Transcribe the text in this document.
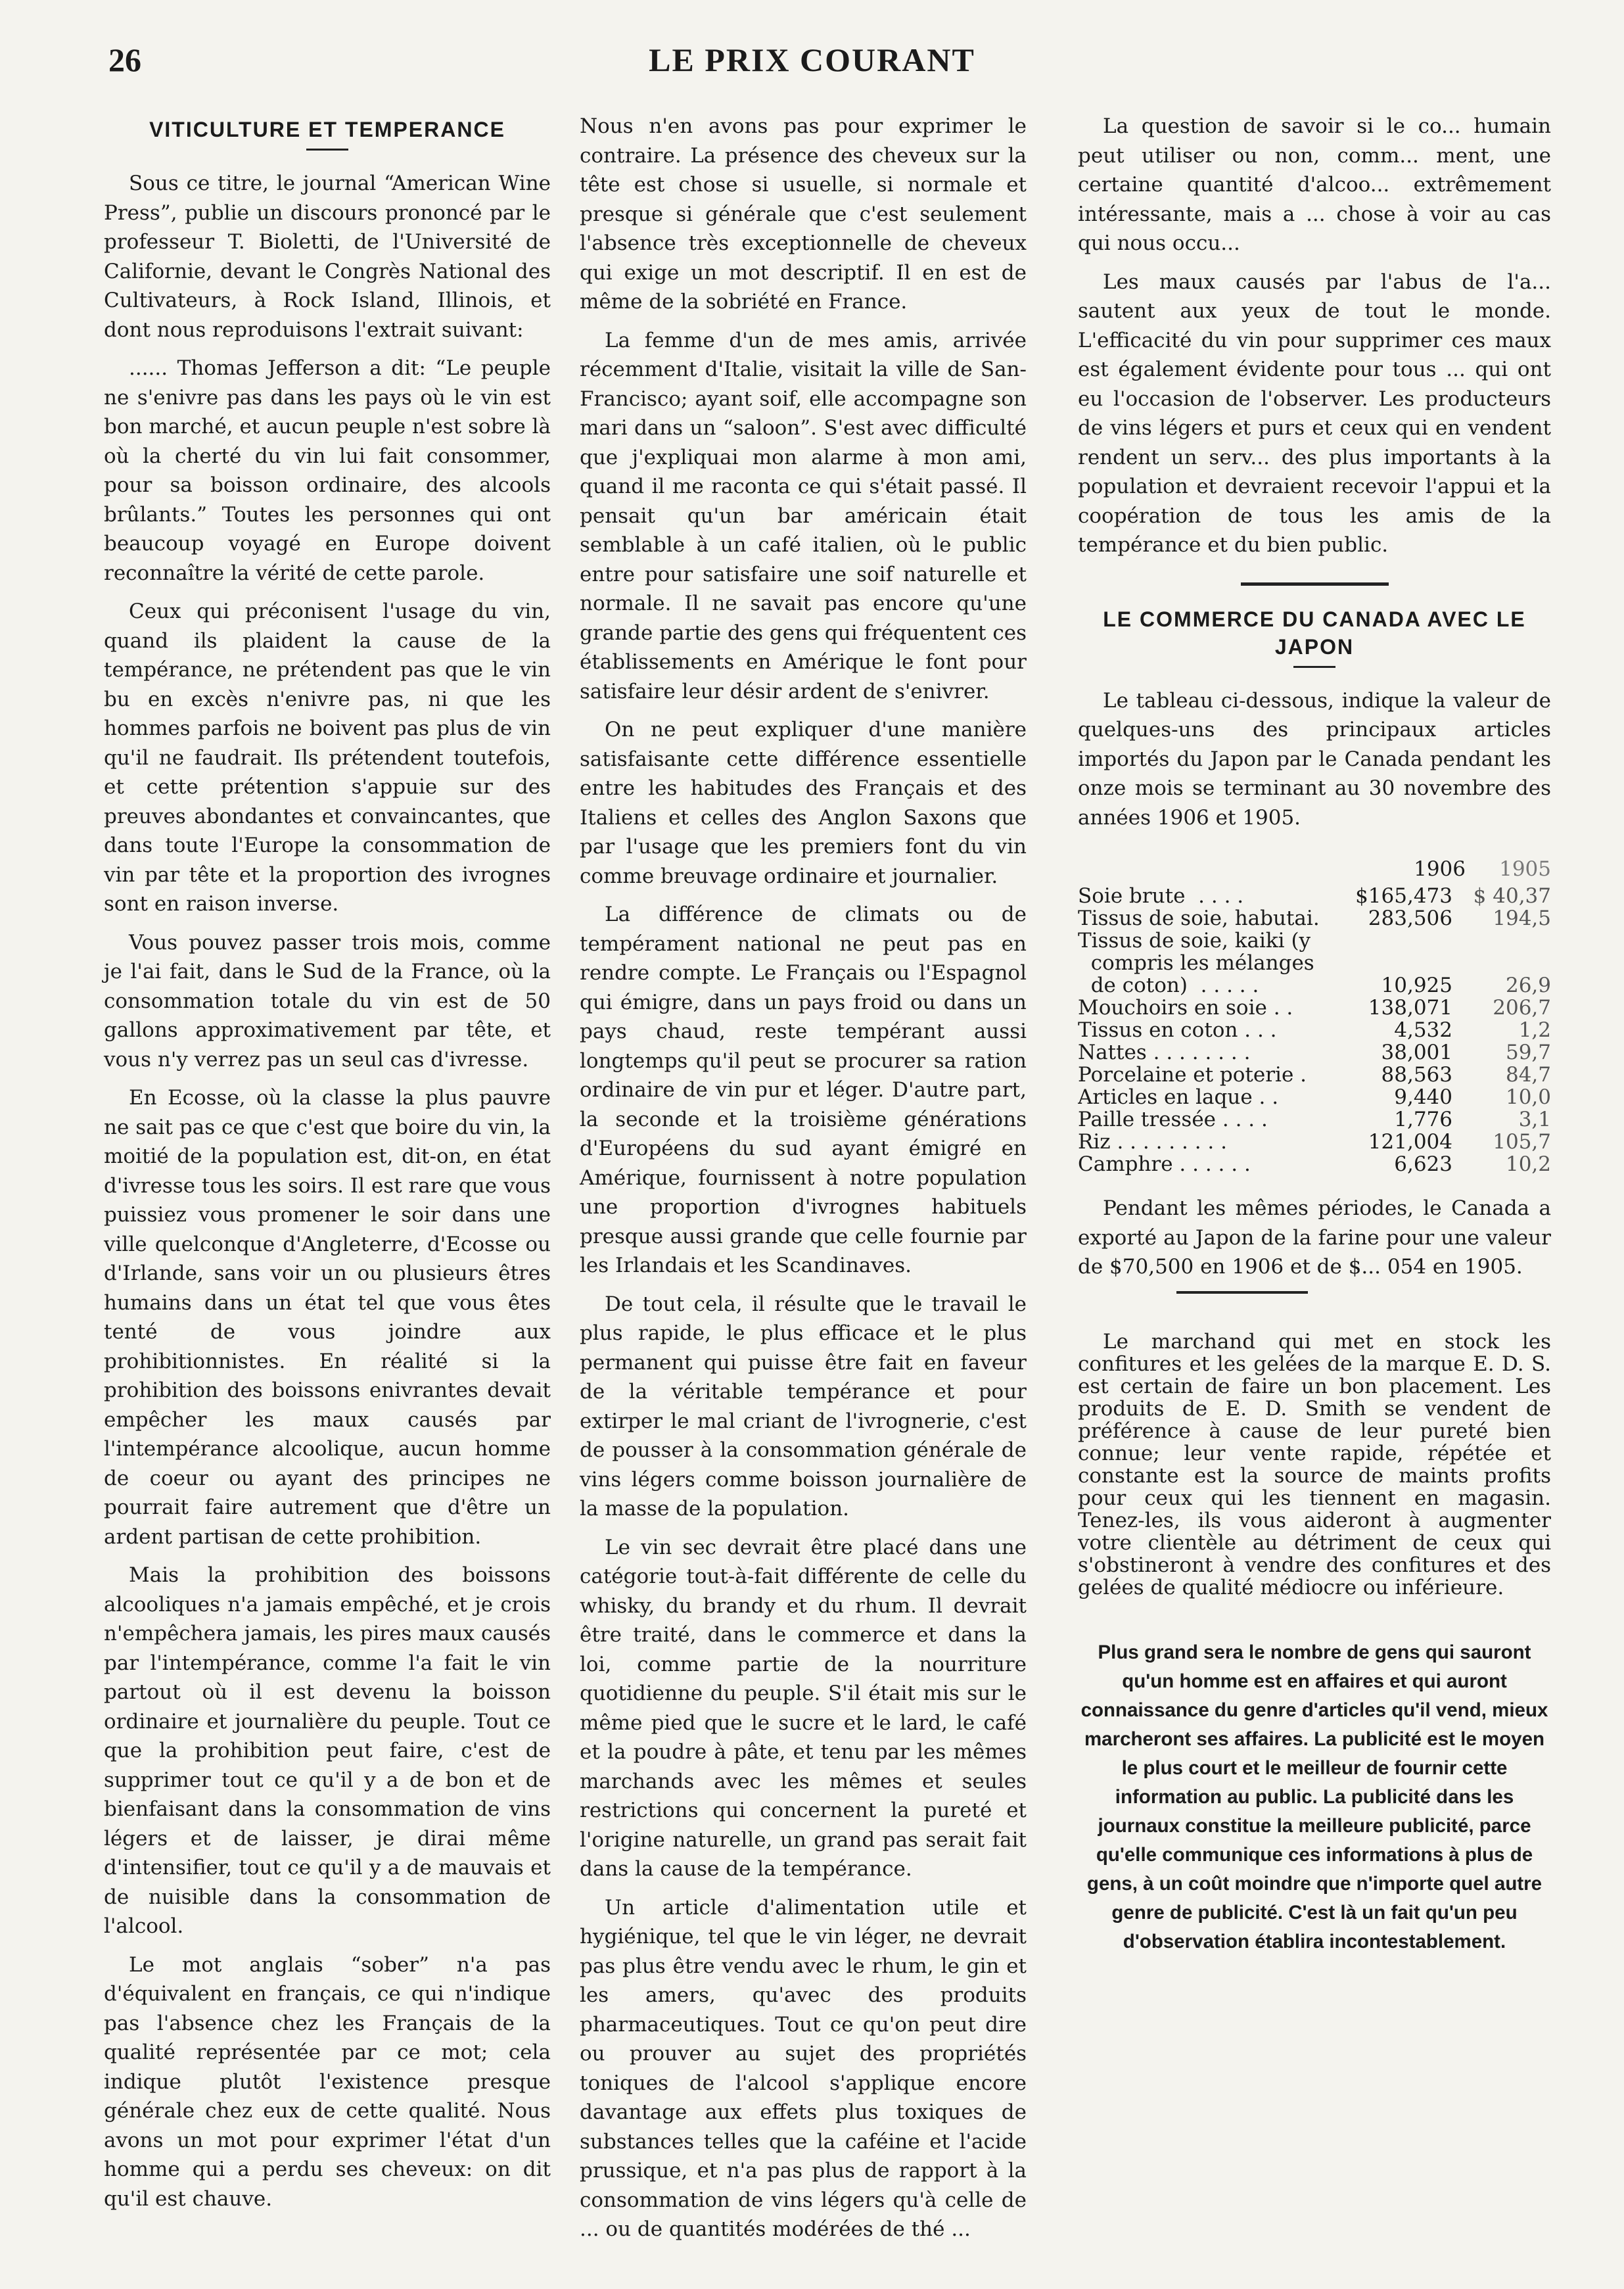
26	LE PRIX COURANT
VITICULTURE ET TEMPERANCE

Sous ce titre, le journal “American Wine Press”, publie un discours prononcé par le professeur T. Bioletti, de l'Université de Californie, devant le Congrès National des Cultivateurs, à Rock Island, Illinois, et dont nous reproduisons l'extrait suivant:

...... Thomas Jefferson a dit: “Le peuple ne s'enivre pas dans les pays où le vin est bon marché, et aucun peuple n'est sobre là où la cherté du vin lui fait consommer, pour sa boisson ordinaire, des alcools brûlants.” Toutes les personnes qui ont beaucoup voyagé en Europe doivent reconnaître la vérité de cette parole.

Ceux qui préconisent l'usage du vin, quand ils plaident la cause de la tempérance, ne prétendent pas que le vin bu en excès n'enivre pas, ni que les hommes parfois ne boivent pas plus de vin qu'il ne faudrait. Ils prétendent toutefois, et cette prétention s'appuie sur des preuves abondantes et convaincantes, que dans toute l'Europe la consommation de vin par tête et la proportion des ivrognes sont en raison inverse.

Vous pouvez passer trois mois, comme je l'ai fait, dans le Sud de la France, où la consommation totale du vin est de 50 gallons approximativement par tête, et vous n'y verrez pas un seul cas d'ivresse.

En Ecosse, où la classe la plus pauvre ne sait pas ce que c'est que boire du vin, la moitié de la population est, dit-on, en état d'ivresse tous les soirs. Il est rare que vous puissiez vous promener le soir dans une ville quelconque d'Angleterre, d'Ecosse ou d'Irlande, sans voir un ou plusieurs êtres humains dans un état tel que vous êtes tenté de vous joindre aux prohibitionnistes. En réalité si la prohibition des boissons enivrantes devait empêcher les maux causés par l'intempérance alcoolique, aucun homme de coeur ou ayant des principes ne pourrait faire autrement que d'être un ardent partisan de cette prohibition.

Mais la prohibition des boissons alcooliques n'a jamais empêché, et je crois n'empêchera jamais, les pires maux causés par l'intempérance, comme l'a fait le vin partout où il est devenu la boisson ordinaire et journalière du peuple. Tout ce que la prohibition peut faire, c'est de supprimer tout ce qu'il y a de bon et de bienfaisant dans la consommation de vins légers et de laisser, je dirai même d'intensifier, tout ce qu'il y a de mauvais et de nuisible dans la consommation de l'alcool.

Le mot anglais “sober” n'a pas d'équivalent en français, ce qui n'indique pas l'absence chez les Français de la qualité représentée par ce mot; cela indique plutôt l'existence presque générale chez eux de cette qualité. Nous avons un mot pour exprimer l'état d'un homme qui a perdu ses cheveux: on dit qu'il est chauve.

Nous n'en avons pas pour exprimer le contraire. La présence des cheveux sur la tête est chose si usuelle, si normale et presque si générale que c'est seulement l'absence très exceptionnelle de cheveux qui exige un mot descriptif. Il en est de même de la sobriété en France.

La femme d'un de mes amis, arrivée récemment d'Italie, visitait la ville de San-Francisco; ayant soif, elle accompagne son mari dans un “saloon”. S'est avec difficulté que j'expliquai mon alarme à mon ami, quand il me raconta ce qui s'était passé. Il pensait qu'un bar américain était semblable à un café italien, où le public entre pour satisfaire une soif naturelle et normale. Il ne savait pas encore qu'une grande partie des gens qui fréquentent ces établissements en Amérique le font pour satisfaire leur désir ardent de s'enivrer.

On ne peut expliquer d'une manière satisfaisante cette différence essentielle entre les habitudes des Français et des Italiens et celles des Anglon Saxons que par l'usage que les premiers font du vin comme breuvage ordinaire et journalier.

La différence de climats ou de tempérament national ne peut pas en rendre compte. Le Français ou l'Espagnol qui émigre, dans un pays froid ou dans un pays chaud, reste tempérant aussi longtemps qu'il peut se procurer sa ration ordinaire de vin pur et léger. D'autre part, la seconde et la troisième générations d'Européens du sud ayant émigré en Amérique, fournissent à notre population une proportion d'ivrognes habituels presque aussi grande que celle fournie par les Irlandais et les Scandinaves.

De tout cela, il résulte que le travail le plus rapide, le plus efficace et le plus permanent qui puisse être fait en faveur de la véritable tempérance et pour extirper le mal criant de l'ivrognerie, c'est de pousser à la consommation générale de vins légers comme boisson journalière de la masse de la population.

Le vin sec devrait être placé dans une catégorie tout-à-fait différente de celle du whisky, du brandy et du rhum. Il devrait être traité, dans le commerce et dans la loi, comme partie de la nourriture quotidienne du peuple. S'il était mis sur le même pied que le sucre et le lard, le café et la poudre à pâte, et tenu par les mêmes marchands avec les mêmes et seules restrictions qui concernent la pureté et l'origine naturelle, un grand pas serait fait dans la cause de la tempérance.

Un article d'alimentation utile et hygiénique, tel que le vin léger, ne devrait pas plus être vendu avec le rhum, le gin et les amers, qu'avec des produits pharmaceutiques. Tout ce qu'on peut dire ou prouver au sujet des propriétés toniques de l'alcool s'applique encore davantage aux effets plus toxiques de substances telles que la caféine et l'acide prussique, et n'a pas plus de rapport à la consommation de vins légers qu'à celle de ... ou de quantités modérées de thé ...

La question de savoir si le co... humain peut utiliser ou non, comm... ment, une certaine quantité d'alcoo... extrêmement intéressante, mais a ... chose à voir au cas qui nous occu...

Les maux causés par l'abus de l'a... sautent aux yeux de tout le monde. L'efficacité du vin pour supprimer ces maux est également évidente pour tous ... qui ont eu l'occasion de l'observer. Les producteurs de vins légers et purs et ceux qui en vendent rendent un serv... des plus importants à la population et devraient recevoir l'appui et la coopération de tous les amis de la tempérance et du bien public.

LE COMMERCE DU CANADA AVEC LE JAPON

Le tableau ci-dessous, indique la valeur de quelques-uns des principaux articles importés du Japon par le Canada pendant les onze mois se terminant au 30 novembre des années 1906 et 1905.

1906	1905
Soie brute  . . . .	$165,473	$ 40,37
Tissus de soie, habutai.	283,506	194,5
Tissus de soie, kaiki (y
compris les mélanges
de coton)  . . . . .	10,925	26,9
Mouchoirs en soie . .	138,071	206,7
Tissus en coton . . .	4,532	1,2
Nattes . . . . . . . .	38,001	59,7
Porcelaine et poterie .	88,563	84,7
Articles en laque . .	9,440	10,0
Paille tressée . . . .	1,776	3,1
Riz . . . . . . . . .	121,004	105,7
Camphre . . . . . .	6,623	10,2

Pendant les mêmes périodes, le Canada a exporté au Japon de la farine pour une valeur de $70,500 en 1906 et de $... 054 en 1905.

Le marchand qui met en stock les confitures et les gelées de la marque E. D. S. est certain de faire un bon placement. Les produits de E. D. Smith se vendent de préférence à cause de leur pureté bien connue; leur vente rapide, répétée et constante est la source de maints profits pour ceux qui les tiennent en magasin. Tenez-les, ils vous aideront à augmenter votre clientèle au détriment de ceux qui s'obstineront à vendre des confitures et des gelées de qualité médiocre ou inférieure.

Plus grand sera le nombre de gens qui sauront qu'un homme est en affaires et qui auront connaissance du genre d'articles qu'il vend, mieux marcheront ses affaires. La publicité est le moyen le plus court et le meilleur de fournir cette information au public. La publicité dans les journaux constitue la meilleure publicité, parce qu'elle communique ces informations à plus de gens, à un coût moindre que n'importe quel autre genre de publicité. C'est là un fait qu'un peu d'observation établira incontestablement.
